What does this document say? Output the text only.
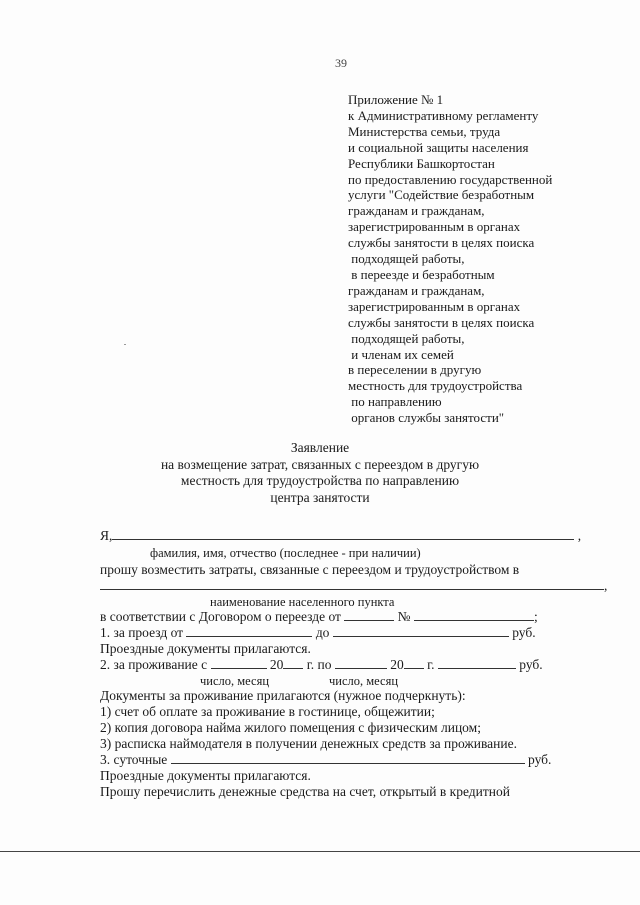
39
Приложение № 1
к Административному регламенту
Министерства семьи, труда
и социальной защиты населения
Республики Башкортостан
по предоставлению государственной
услуги "Содействие безработным
гражданам и гражданам,
зарегистрированным в органах
службы занятости в целях поиска
подходящей работы,
в переезде и безработным
гражданам и гражданам,
зарегистрированным в органах
службы занятости в целях поиска
подходящей работы,
и членам их семей
в переселении в другую
местность для трудоустройства
по направлению
органов службы занятости"
Заявление
на возмещение затрат, связанных с переездом в другую
местность для трудоустройства по направлению
центра занятости
Я,	,
фамилия, имя, отчество (последнее - при наличии)
прошу возместить затраты, связанные с переездом и трудоустройством в
,
наименование населенного пункта
в соответствии с Договором о переезде от	№	;
1. за проезд от	до	руб.
Проездные документы прилагаются.
2. за проживание с	20 г. по	20 г.	руб.
число, месяц	число, месяц
Документы за проживание прилагаются (нужное подчеркнуть):
1) счет об оплате за проживание в гостинице, общежитии;
2) копия договора найма жилого помещения с физическим лицом;
3) расписка наймодателя в получении денежных средств за проживание.
3. суточные	руб.
Проездные документы прилагаются.
Прошу перечислить денежные средства на счет, открытый в кредитной
